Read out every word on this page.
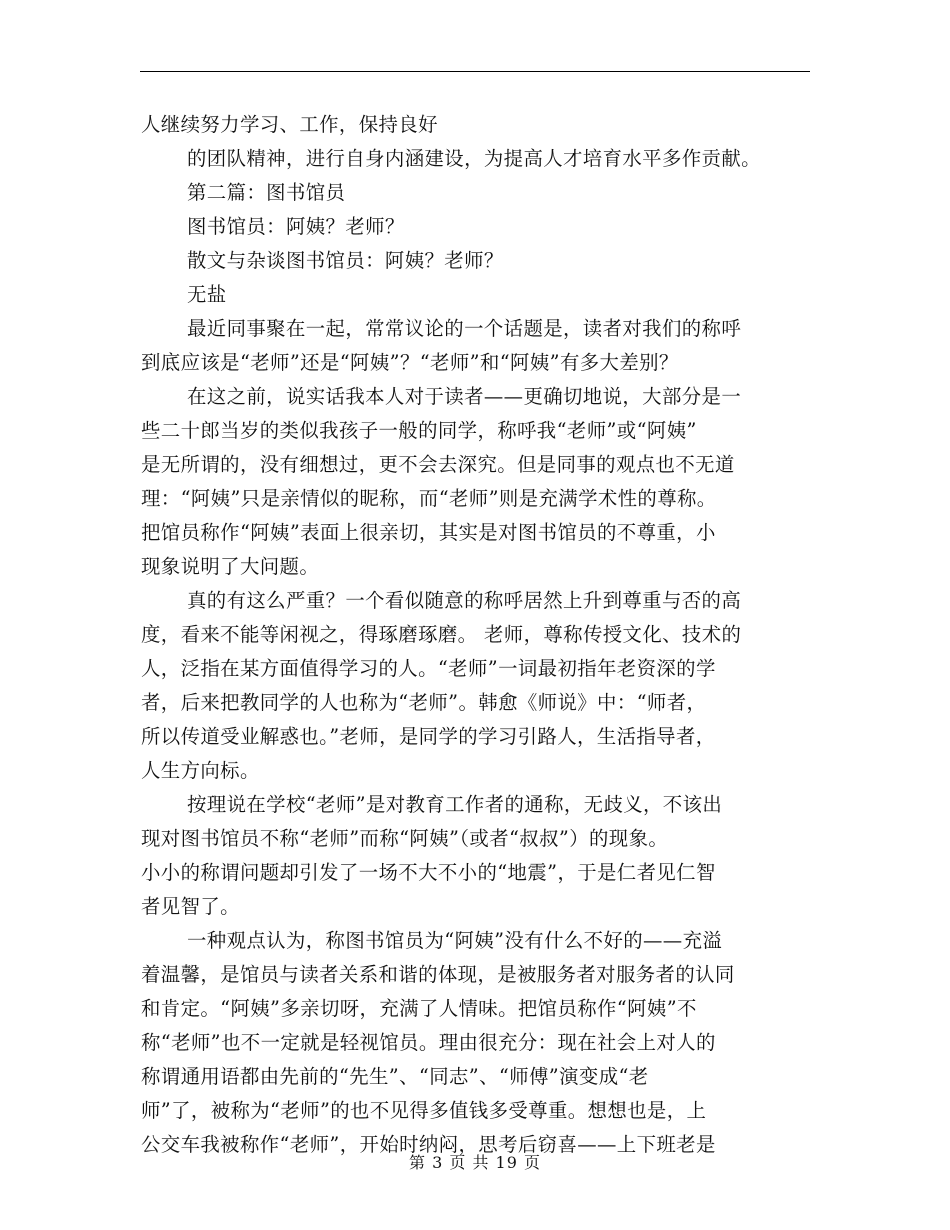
人继续努力学习、工作，保持良好
的团队精神，进行自身内涵建设，为提高人才培育水平多作贡献。
第二篇：图书馆员
图书馆员：阿姨？老师？
散文与杂谈图书馆员：阿姨？老师？
无盐
最近同事聚在一起，常常议论的一个话题是，读者对我们的称呼
到底应该是“老师”还是“阿姨”？“老师”和“阿姨”有多大差别？
在这之前，说实话我本人对于读者——更确切地说，大部分是一
些二十郎当岁的类似我孩子一般的同学，称呼我“老师”或“阿姨”
是无所谓的，没有细想过，更不会去深究。但是同事的观点也不无道
理：“阿姨”只是亲情似的昵称，而“老师”则是充满学术性的尊称。
把馆员称作“阿姨”表面上很亲切，其实是对图书馆员的不尊重，小
现象说明了大问题。
真的有这么严重？一个看似随意的称呼居然上升到尊重与否的高
度，看来不能等闲视之，得琢磨琢磨。 老师，尊称传授文化、技术的
人，泛指在某方面值得学习的人。“老师”一词最初指年老资深的学
者，后来把教同学的人也称为“老师”。韩愈《师说》中：“师者，
所以传道受业解惑也。”老师，是同学的学习引路人，生活指导者，
人生方向标。
按理说在学校“老师”是对教育工作者的通称，无歧义，不该出
现对图书馆员不称“老师”而称“阿姨”（或者“叔叔”）的现象。
小小的称谓问题却引发了一场不大不小的“地震”，于是仁者见仁智
者见智了。
一种观点认为，称图书馆员为“阿姨”没有什么不好的——充溢
着温馨，是馆员与读者关系和谐的体现，是被服务者对服务者的认同
和肯定。“阿姨”多亲切呀，充满了人情味。把馆员称作“阿姨”不
称“老师”也不一定就是轻视馆员。理由很充分：现在社会上对人的
称谓通用语都由先前的“先生”、“同志”、“师傅”演变成“老
师”了，被称为“老师”的也不见得多值钱多受尊重。想想也是，上
公交车我被称作“老师”，开始时纳闷，思考后窃喜——上下班老是
第 3 页 共 19 页
